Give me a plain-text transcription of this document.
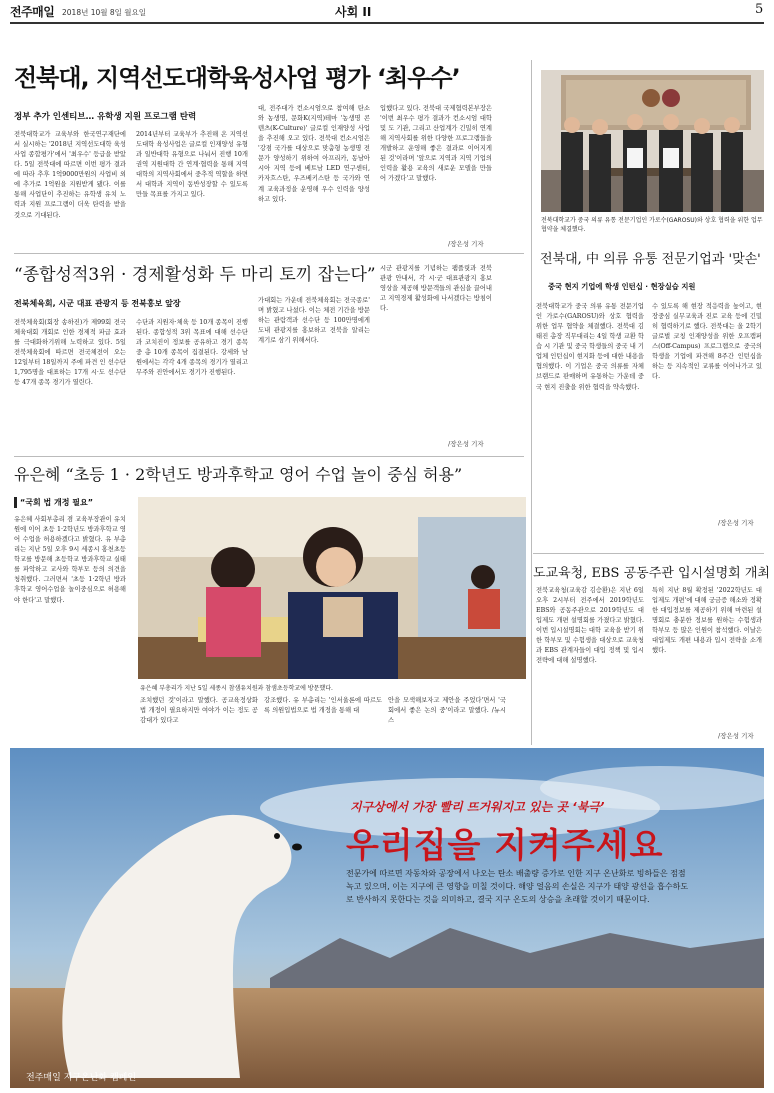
전주매일 2018년 10월 8일 월요일	사회 II	5
전북대, 지역선도대학육성사업 평가 ‘최우수’
정부 추가 인센티브… 유학생 지원 프로그램 탄력
전북대학교가 교육부와 한국연구재단에서 실시하는 '2018년 지역선도대학 육성사업 종합평가'에서 '최우수' 등급을 받았다. 5일 전북대에 따르면 이번 평가 결과에 따라 추후 1억9000만원의 사업비 외에 추가로 1억원을 지원받게 됐다. 이를 통해 사업단이 추진하는 유학생 유치 노력과 지원 프로그램이 더욱 탄력을 받을 것으로 기대된다.
2014년부터 교육부가 추진해 온 지역선도대학 육성사업은 글로컬 인재양성 유형과 일반대학 유형으로 나눠서 진행 10개 권역 지원대학 간 연계·협력을 통해 지역대학의 지역사회에서 중추적 역할을 하면서 대학과 지역이 동반성장할 수 있도록 만들 목표를 가지고 있다.
대, 전주대가 컨소시엄으로 참여해 탄소와 농생명, 문화K(지역)테마 '농생명 콘텐츠(K-Culture)' 글로컬 인재양성 사업을 추진해 오고 있다. 전북대 컨소시엄은 '강점 국가를 대상으로 맞춤형 농생명 전문가 양성하기 위하여 아프리카, 동남아시아 지역 등에 베트남 LED 연구센터, 카자흐스탄, 우즈베키스탄 등 국가와 연계 교육과정을 운영해 우수 인력을 양성하고 있다.
입했다고 있다. 전북대 국제협력본부장은 '이번 최우수 평가 결과가 컨소시엄 대학 및 도 기관, 그리고 산업계가 긴밀히 연계해 지역사회를 위한 다양한 프로그램들을 개발하고 운영해 좋은 결과로 이어지게 된 것'이라며 '앞으로 지역과 지역 기업의 인력을 활용 교육의 새로운 모델을 만들어 가겠다'고 말했다.
/장은성 기자
전북대학교가 중국 의류 유통 전문기업인 가로수(GAROSU)와 상호 협력을 위한 업무 협약을 체결했다.
전북대, 中 의류 유통 전문기업과 '맞손'
중국 현지 기업에 학생 인턴십 · 현장실습 지원
전북대학교가 중국 의류 유통 전문기업인 가로수(GAROSU)와 상호 협력을 위한 업무 협약을 체결했다. 전북대 김태진 총장 직무대리는 4일 학생 교환 학습 시 기관 및 중국 학생들의 중국 내 기업체 인턴십이 현지화 등에 대한 내용을 협의했다. 이 기업은 중국 의류를 자체 브랜드로 판매하며 유통하는 가운데 중국 현지 진출을 위한 협력을 약속했다.
수 있도록 해 현장 적응력을 높이고, 현장중심 실무교육과 진로 교육 등에 긴밀히 협력하기로 했다. 전북대는 올 2학기 글로벌 코칭 인재양성을 위한 오프캠퍼스(Off-Campus) 프로그램으로 중국의 학생을 기업에 파견해 8주간 인턴십을 하는 등 지속적인 교류를 이어나가고 있다.
/장은성 기자
“종합성적3위 · 경제활성화 두 마리 토끼 잡는다”
전북체육회, 시군 대표 관광지 등 전북홍보 앞장
전북체육회(회장 송하진)가 제99회 전국체육대회 개회로 인한 경제적 파급 효과를 극대화하기위해 노력하고 있다. 5일 전북체육회에 따르면 전국체전이 오는 12일부터 18일까지 주에 파견 인 선수단 1,795명을 대표하는 17개 시·도 선수단 등 47개 종목 경기가 열린다.
수단과 지원자·체육 등 10개 종목이 진행된다. 종합성적 3위 목표에 대해 선수단과 코치진이 정보를 공유하고 경기 종목 중 총 10개 종목이 집결된다. 강세와 남원에서는 각각 4개 종목의 경기가 열리고 무주와 진안에서도 경기가 진행된다.
가대회는 가운데 전북체육회는 전국종로' 며 밝혔고 나섰다. 이는 체전 기간을 방문하는 관람객과 선수단 등 100만명에게 도내 관광지를 홍보하고 전북을 알리는 계기로 삼기 위해서다.
시군 관광지를 기념하는 팸플릿과 전북 관광 안내서, 각 시·군 대표관광지 홍보 영상을 제공해 방문객들의 관심을 끌어내고 지역경제 활성화에 나서겠다는 방침이다.
/장은성 기자
유은혜 “초등 1 · 2학년도 방과후학교 영어 수업 놀이 중심 허용”
“국회 법 개정 필요”
유은혜 사회부총리 겸 교육부장관이 유치원에 이어 초등 1·2학년도 방과후학교 영어 수업을 허용하겠다고 밝혔다. 유 부총리는 지난 5일 오후 9시 세종시 홍천초등학교를 방문해 초등학교 방과후학교 실태를 파악하고 교사와 학부모 등의 의견을 청취했다. 그러면서 '초등 1·2학년 방과후학교 영어수업을 놀이중심으로 허용해야 한다'고 말했다.
유은혜 부총리가 지난 5일 세종시 참샘유치원과 참샘초등학교에 방문했다.
조치했던 것'이라고 말했다. 공교육정상화법 개정이 필요하지만 여야가 이는 정도 공감대가 있다고
강조했다. 유 부총리는 '인서울론에 따르도록 의원입법으로 법 개정을 통해 대
안을 모색해보자고 제안을 주었다'면서 '국회에서 좋은 논의 중'이라고 말했다. /뉴시스
도교육청, EBS 공동주관 입시설명회 개최
전북교육청(교육감 김승환)은 지난 6일 오후 2시부터 전주에서 2019학년도 EBS와 공동주관으로 2019학년도 대입제도 개편 설명회를 가졌다고 밝혔다. 이번 입시설명회는 대학 교육을 받기 위한 학부모 및 수험생을 대상으로 교육청과 EBS 관계자들이 대입 정책 및 입시 전략에 대해 설명했다.
특히 지난 8월 확정된 '2022학년도 대입제도 개편'에 대해 궁금증 해소와 정확한 대입정보를 제공하기 위해 마련된 설명회로 충분한 정보를 원하는 수험생과 학부모 등 많은 인원이 참석했다. 이날은 대입제도 개편 내용과 입시 전략을 소개했다.
/장은성 기자
지구상에서 가장 빨리 뜨거워지고 있는 곳 ‘북극’
우리집을 지켜주세요
전문가에 따르면 자동차와 공장에서 나오는 탄소 배출량 증가로 인한 지구 온난화로 빙하들은 점점
녹고 있으며, 이는 지구에 큰 영향을 미칠 것이다. 해양 얼음의 손실은 지구가 태양 광선을 흡수하도
로 반사하지 못한다는 것을 의미하고, 결국 지구 온도의 상승을 초래할 것이기 때문이다.
전주매일 지구온난화 캠페인
